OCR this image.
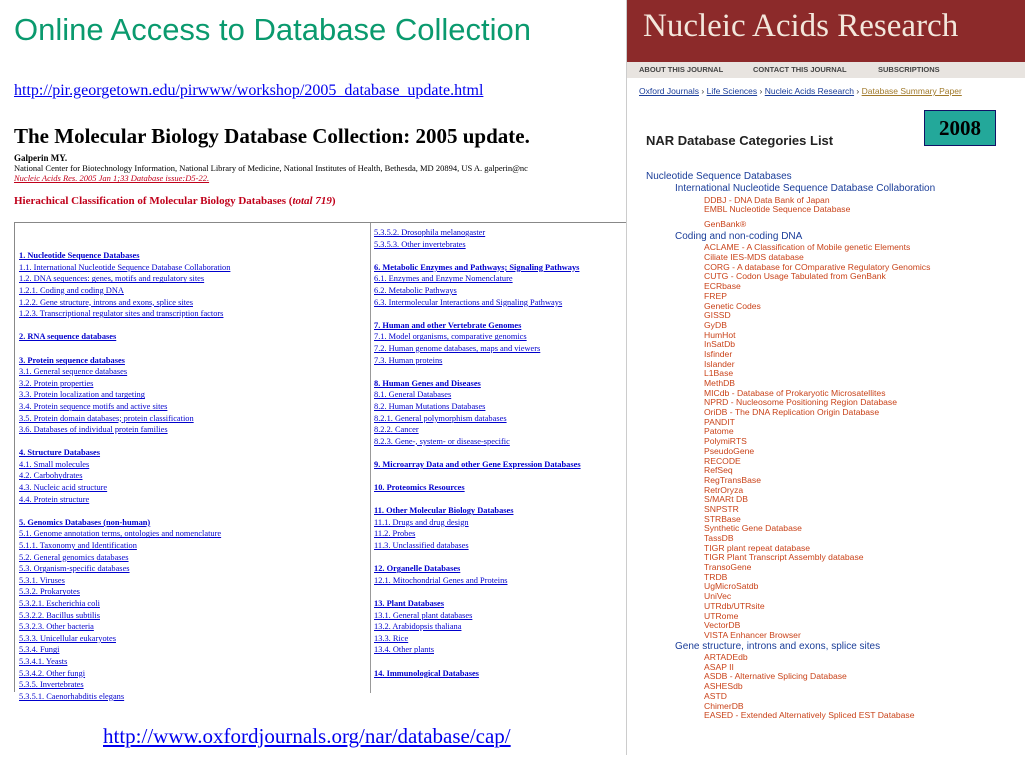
Online Access to Database Collection
http://pir.georgetown.edu/pirwww/workshop/2005_database_update.html
The Molecular Biology Database Collection: 2005 update.
Galperin MY.
National Center for Biotechnology Information, National Library of Medicine, National Institutes of Health, Bethesda, MD 20894, US A. galperin@nc
Nucleic Acids Res. 2005 Jan 1;33 Database issue:D5-22.
Hierachical Classification of Molecular Biology Databases (total 719)
1. Nucleotide Sequence Databases
1.1. International Nucleotide Sequence Database Collaboration
1.2. DNA sequences: genes, motifs and regulatory sites
1.2.1. Coding and coding DNA
1.2.2. Gene structure, introns and exons, splice sites
1.2.3. Transcriptional regulator sites and transcription factors
2. RNA sequence databases
3. Protein sequence databases
3.1. General sequence databases
3.2. Protein properties
3.3. Protein localization and targeting
3.4. Protein sequence motifs and active sites
3.5. Protein domain databases; protein classification
3.6. Databases of individual protein families
4. Structure Databases
4.1. Small molecules
4.2. Carbohydrates
4.3. Nucleic acid structure
4.4. Protein structure
5. Genomics Databases (non-human)
5.1. Genome annotation terms, ontologies and nomenclature
5.1.1. Taxonomy and Identification
5.2. General genomics databases
5.3. Organism-specific databases
5.3.1. Viruses
5.3.2. Prokaryotes
5.3.2.1. Escherichia coli
5.3.2.2. Bacillus subtilis
5.3.2.3. Other bacteria
5.3.3. Unicellular eukaryotes
5.3.4. Fungi
5.3.4.1. Yeasts
5.3.4.2. Other fungi
5.3.5. Invertebrates
5.3.5.1. Caenorhabditis elegans
5.3.5.2. Drosophila melanogaster
5.3.5.3. Other invertebrates
6. Metabolic Enzymes and Pathways; Signaling Pathways
6.1. Enzymes and Enzyme Nomenclature
6.2. Metabolic Pathways
6.3. Intermolecular Interactions and Signaling Pathways
7. Human and other Vertebrate Genomes
7.1. Model organisms, comparative genomics
7.2. Human genome databases, maps and viewers
7.3. Human proteins
8. Human Genes and Diseases
8.1. General Databases
8.2. Human Mutations Databases
8.2.1. General polymorphism databases
8.2.2. Cancer
8.2.3. Gene-, system- or disease-specific
9. Microarray Data and other Gene Expression Databases
10. Proteomics Resources
11. Other Molecular Biology Databases
11.1. Drugs and drug design
11.2. Probes
11.3. Unclassified databases
12. Organelle Databases
12.1. Mitochondrial Genes and Proteins
13. Plant Databases
13.1. General plant databases
13.2. Arabidopsis thaliana
13.3. Rice
13.4. Other plants
14. Immunological Databases
http://www.oxfordjournals.org/nar/database/cap/
Nucleic Acids Research
ABOUT THIS JOURNAL	CONTACT THIS JOURNAL	SUBSCRIPTIONS
Oxford Journals › Life Sciences › Nucleic Acids Research › Database Summary Paper
2008
NAR Database Categories List
Nucleotide Sequence Databases
International Nucleotide Sequence Database Collaboration
DDBJ - DNA Data Bank of Japan
EMBL Nucleotide Sequence Database
GenBank®
Coding and non-coding DNA
ACLAME - A Classification of Mobile genetic Elements
Ciliate IES-MDS database
CORG - A database for COmparative Regulatory Genomics
CUTG - Codon Usage Tabulated from GenBank
ECRbase
FREP
Genetic Codes
GISSD
GyDB
HumHot
InSatDb
Isfinder
Islander
L1Base
MethDB
MICdb - Database of Prokaryotic Microsatellites
NPRD - Nucleosome Positioning Region Database
OriDB - The DNA Replication Origin Database
PANDIT
Patome
PolymiRTS
PseudoGene
RECODE
RefSeq
RegTransBase
RetrOryza
S/MARt DB
SNPSTR
STRBase
Synthetic Gene Database
TassDB
TIGR plant repeat database
TIGR Plant Transcript Assembly database
TransoGene
TRDB
UgMicroSatdb
UniVec
UTRdb/UTRsite
UTRome
VectorDB
VISTA Enhancer Browser
Gene structure, introns and exons, splice sites
ARTADEdb
ASAP II
ASDB - Alternative Splicing Database
ASHESdb
ASTD
ChimerDB
EASED - Extended Alternatively Spliced EST Database
